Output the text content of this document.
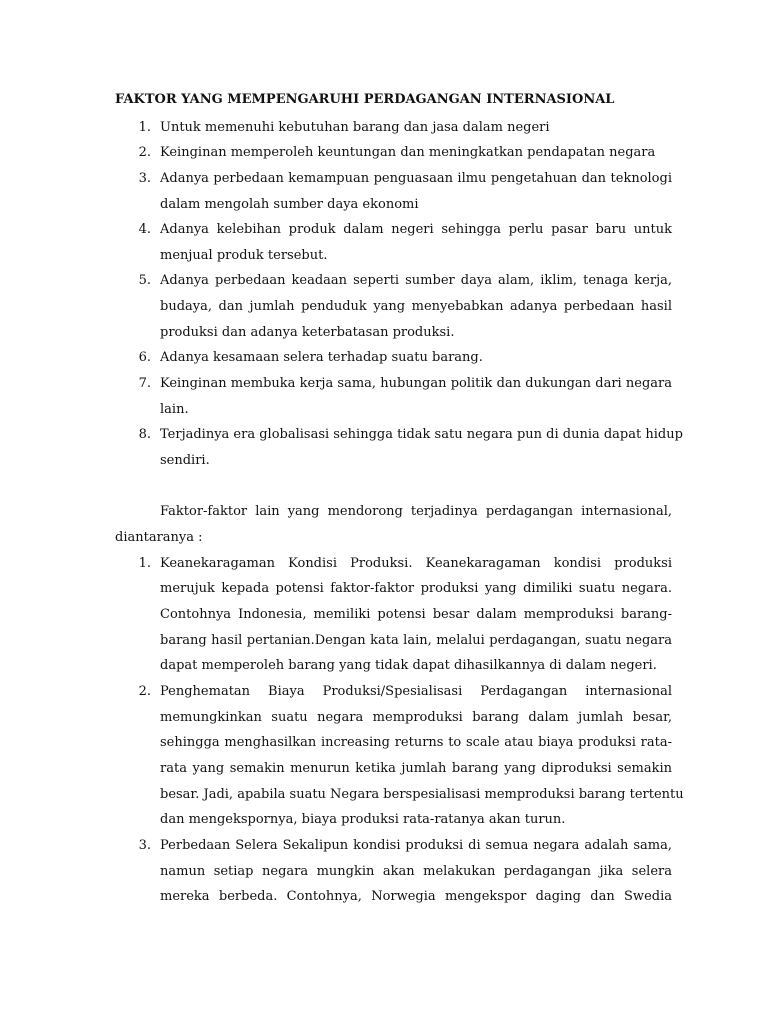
FAKTOR YANG MEMPENGARUHI PERDAGANGAN INTERNASIONAL
1. Untuk memenuhi kebutuhan barang dan jasa dalam negeri
2. Keinginan memperoleh keuntungan dan meningkatkan pendapatan negara
3. Adanya perbedaan kemampuan penguasaan ilmu pengetahuan dan teknologi
dalam mengolah sumber daya ekonomi
4. Adanya kelebihan produk dalam negeri sehingga perlu pasar baru untuk
menjual produk tersebut.
5. Adanya perbedaan keadaan seperti sumber daya alam, iklim, tenaga kerja,
budaya, dan jumlah penduduk yang menyebabkan adanya perbedaan hasil
produksi dan adanya keterbatasan produksi.
6. Adanya kesamaan selera terhadap suatu barang.
7. Keinginan membuka kerja sama, hubungan politik dan dukungan dari negara
lain.
8. Terjadinya era globalisasi sehingga tidak satu negara pun di dunia dapat hidup
sendiri.
Faktor-faktor lain yang mendorong terjadinya perdagangan internasional,
diantaranya :
1. Keanekaragaman Kondisi Produksi. Keanekaragaman kondisi produksi
merujuk kepada potensi faktor-faktor produksi yang dimiliki suatu negara.
Contohnya Indonesia, memiliki potensi besar dalam memproduksi barang-
barang hasil pertanian.Dengan kata lain, melalui perdagangan, suatu negara
dapat memperoleh barang yang tidak dapat dihasilkannya di dalam negeri.
2. Penghematan Biaya Produksi/Spesialisasi Perdagangan internasional
memungkinkan suatu negara memproduksi barang dalam jumlah besar,
sehingga menghasilkan increasing returns to scale atau biaya produksi rata-
rata yang semakin menurun ketika jumlah barang yang diproduksi semakin
besar. Jadi, apabila suatu Negara berspesialisasi memproduksi barang tertentu
dan mengekspornya, biaya produksi rata-ratanya akan turun.
3. Perbedaan Selera Sekalipun kondisi produksi di semua negara adalah sama,
namun setiap negara mungkin akan melakukan perdagangan jika selera
mereka berbeda. Contohnya, Norwegia mengekspor daging dan Swedia
